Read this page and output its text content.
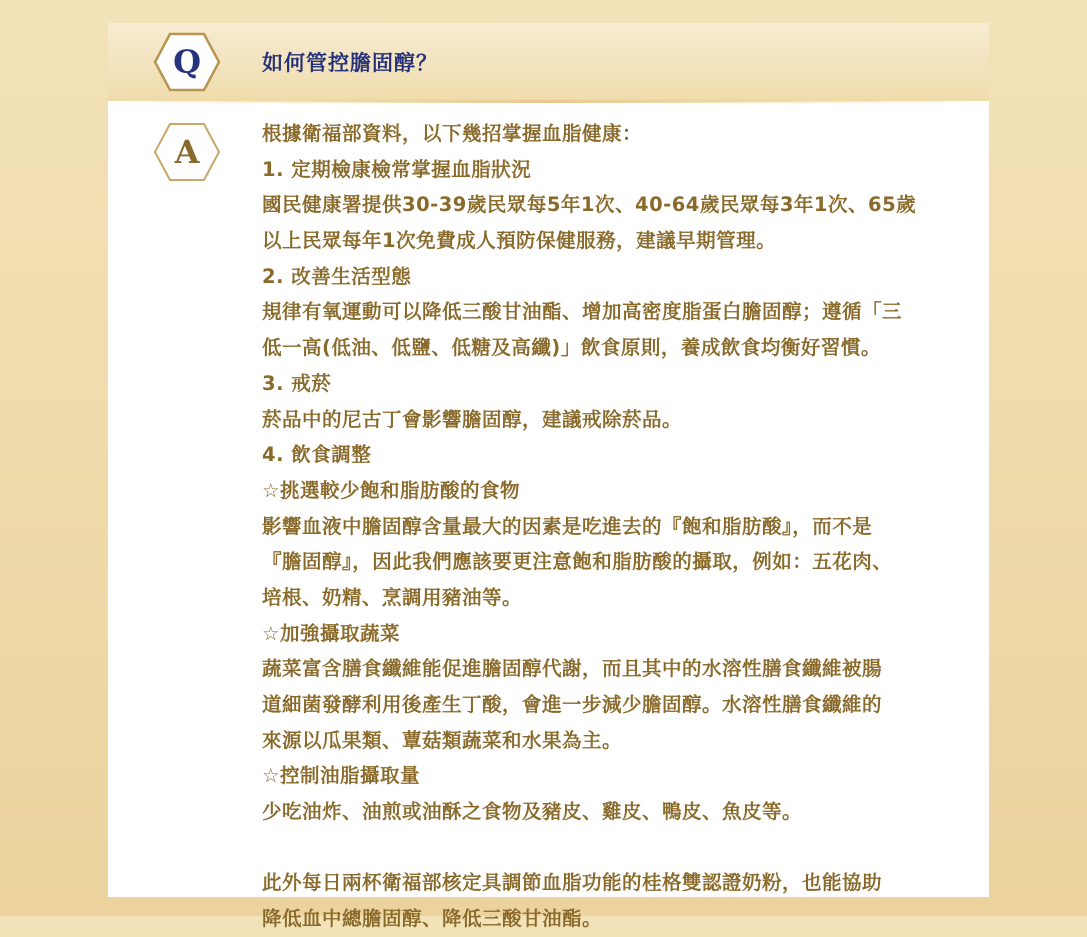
Q	如何管控膽固醇？
A	根據衛福部資料，以下幾招掌握血脂健康：
1. 定期檢康檢常掌握血脂狀況
國民健康署提供30-39歲民眾每5年1次、40-64歲民眾每3年1次、65歲
以上民眾每年1次免費成人預防保健服務，建議早期管理。
2. 改善生活型態
規律有氧運動可以降低三酸甘油酯、增加高密度脂蛋白膽固醇；遵循「三
低一高(低油、低鹽、低糖及高纖)」飲食原則，養成飲食均衡好習慣。
3. 戒菸
菸品中的尼古丁會影響膽固醇，建議戒除菸品。
4. 飲食調整
☆挑選較少飽和脂肪酸的食物
影響血液中膽固醇含量最大的因素是吃進去的『飽和脂肪酸』，而不是
『膽固醇』，因此我們應該要更注意飽和脂肪酸的攝取，例如：五花肉、
培根、奶精、烹調用豬油等。
☆加強攝取蔬菜
蔬菜富含膳食纖維能促進膽固醇代謝，而且其中的水溶性膳食纖維被腸
道細菌發酵利用後產生丁酸，會進一步減少膽固醇。水溶性膳食纖維的
來源以瓜果類、蕈菇類蔬菜和水果為主。
☆控制油脂攝取量
少吃油炸、油煎或油酥之食物及豬皮、雞皮、鴨皮、魚皮等。
此外每日兩杯衛福部核定具調節血脂功能的桂格雙認證奶粉，也能協助
降低血中總膽固醇、降低三酸甘油酯。
